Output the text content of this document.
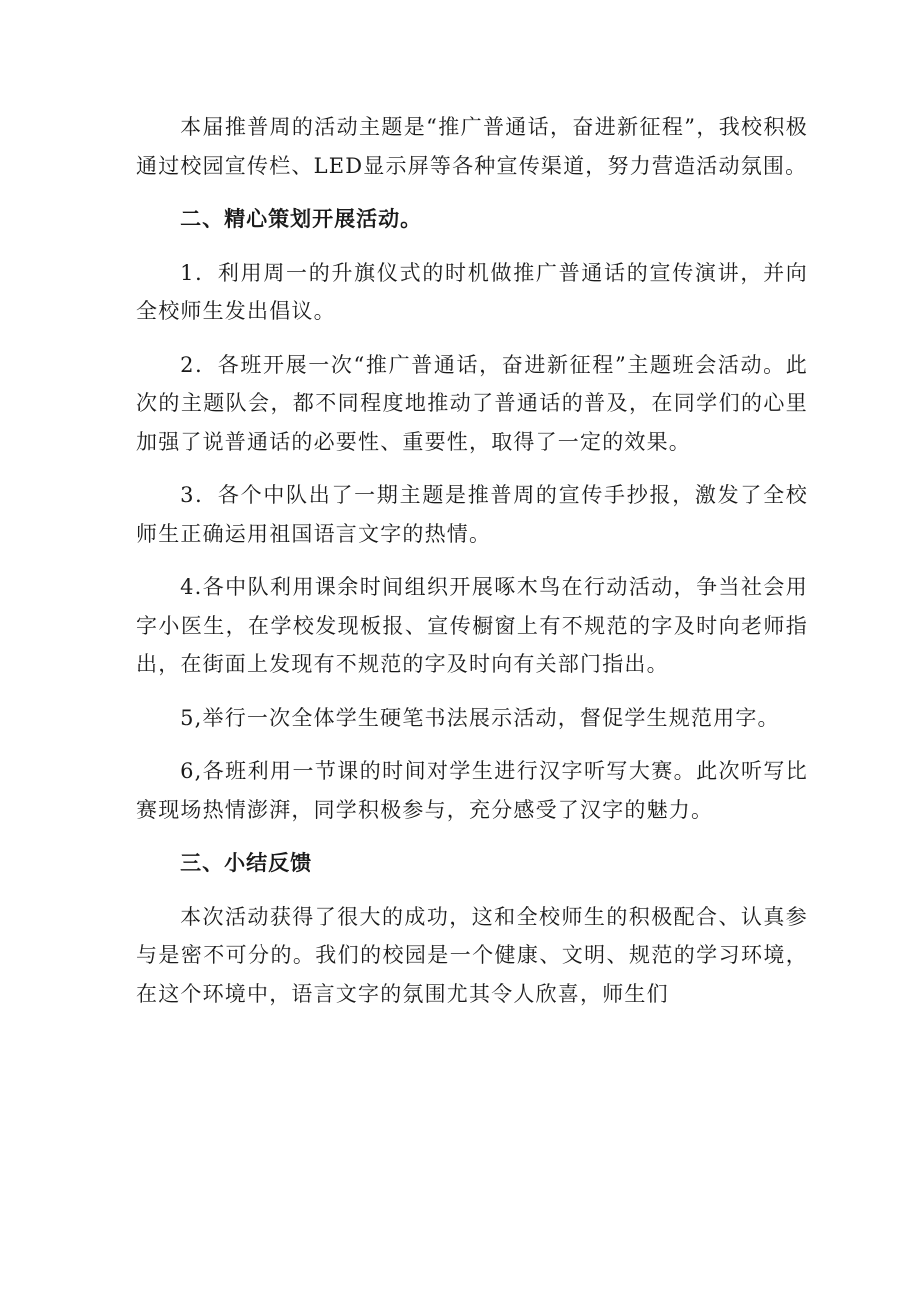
本届推普周的活动主题是“推广普通话，奋进新征程”，我校积极通过校园宣传栏、LED显示屏等各种宣传渠道，努力营造活动氛围。

二、精心策划开展活动。

1．利用周一的升旗仪式的时机做推广普通话的宣传演讲，并向全校师生发出倡议。

2．各班开展一次“推广普通话，奋进新征程”主题班会活动。此次的主题队会，都不同程度地推动了普通话的普及，在同学们的心里加强了说普通话的必要性、重要性，取得了一定的效果。

3．各个中队出了一期主题是推普周的宣传手抄报，激发了全校师生正确运用祖国语言文字的热情。

4.各中队利用课余时间组织开展啄木鸟在行动活动，争当社会用字小医生，在学校发现板报、宣传橱窗上有不规范的字及时向老师指出，在街面上发现有不规范的字及时向有关部门指出。

5,举行一次全体学生硬笔书法展示活动，督促学生规范用字。

6,各班利用一节课的时间对学生进行汉字听写大赛。此次听写比赛现场热情澎湃，同学积极参与，充分感受了汉字的魅力。

三、小结反馈

本次活动获得了很大的成功，这和全校师生的积极配合、认真参与是密不可分的。我们的校园是一个健康、文明、规范的学习环境，在这个环境中，语言文字的氛围尤其令人欣喜，师生们
